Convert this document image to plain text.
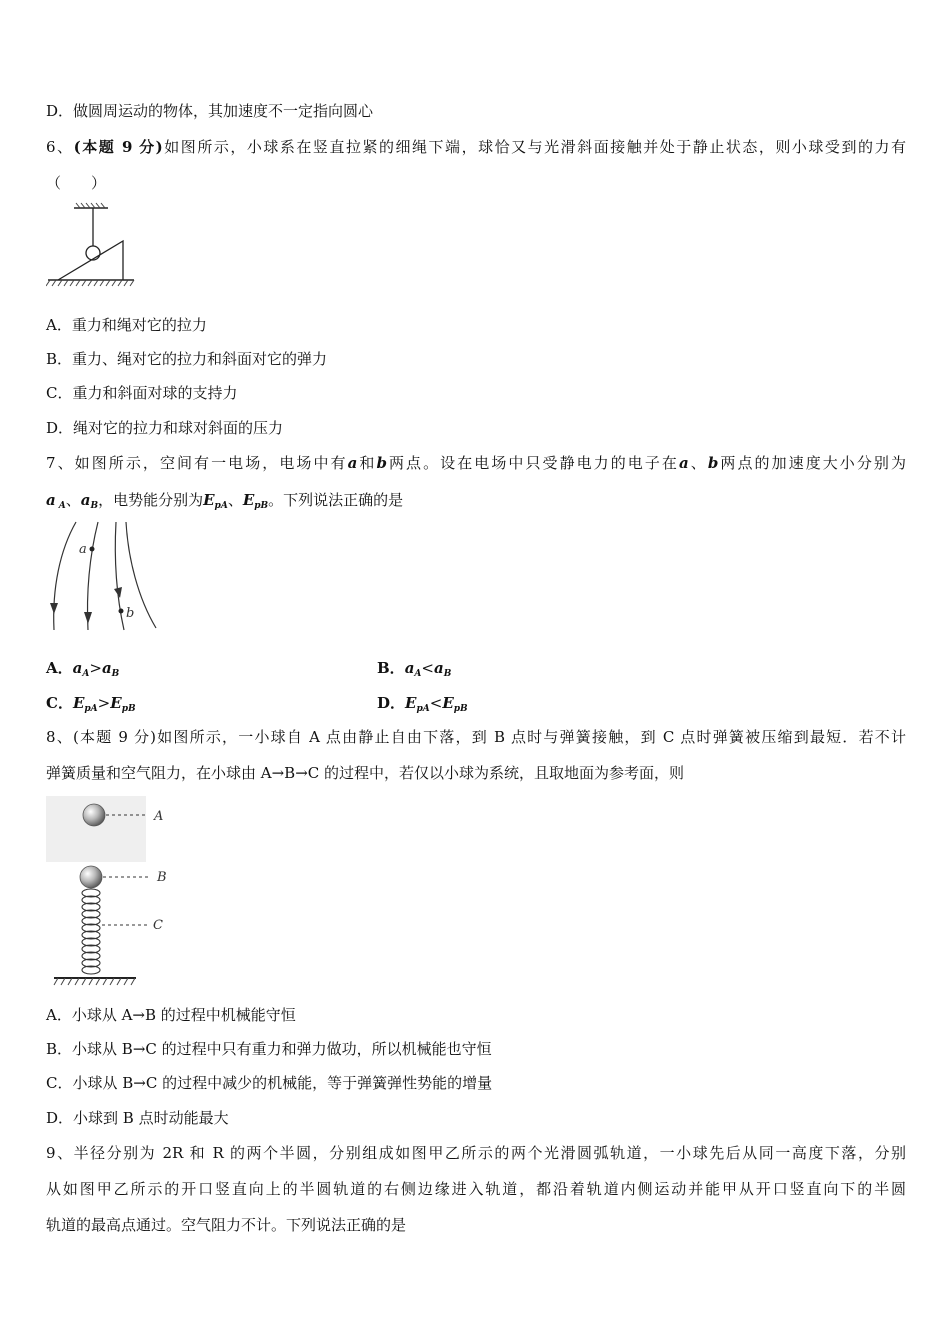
D．做圆周运动的物体，其加速度不一定指向圆心
6、(本题 9 分)如图所示，小球系在竖直拉紧的细绳下端，球恰又与光滑斜面接触并处于静止状态，则小球受到的力有
（　　）
A．重力和绳对它的拉力
B．重力、绳对它的拉力和斜面对它的弹力
C．重力和斜面对球的支持力
D．绳对它的拉力和球对斜面的压力
7、如图所示，空间有一电场，电场中有a和b两点。设在电场中只受静电力的电子在a、b两点的加速度大小分别为
a $_A$、$a_B$，电势能分别为$E_{pA}$、$E_{pB}$。下列说法正确的是
a
b
A．$a_A>a_B$	B．$a_A<a_B$
C．$E_{pA}>E_{pB}$	D．$E_{pA}<E_{pB}$
8、(本题 9 分)如图所示，一小球自 A 点由静止自由下落，到 B 点时与弹簧接触，到 C 点时弹簧被压缩到最短．若不计
弹簧质量和空气阻力，在小球由 A→B→C 的过程中，若仅以小球为系统，且取地面为参考面，则
A
B
C
A．小球从 A→B 的过程中机械能守恒
B．小球从 B→C 的过程中只有重力和弹力做功，所以机械能也守恒
C．小球从 B→C 的过程中减少的机械能，等于弹簧弹性势能的增量
D．小球到 B 点时动能最大
9、半径分别为 2R 和 R 的两个半圆，分别组成如图甲乙所示的两个光滑圆弧轨道，一小球先后从同一高度下落，分别
从如图甲乙所示的开口竖直向上的半圆轨道的右侧边缘进入轨道，都沿着轨道内侧运动并能甲从开口竖直向下的半圆
轨道的最高点通过。空气阻力不计。下列说法正确的是
